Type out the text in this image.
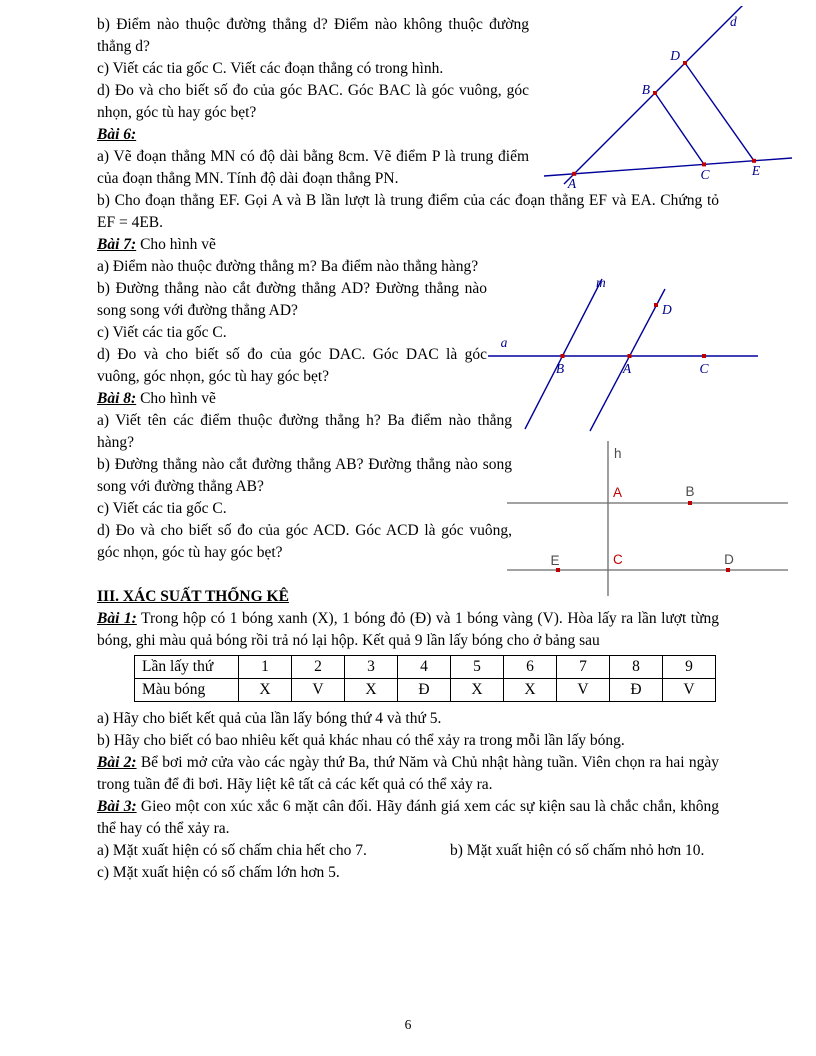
d
D
B
A
C	E
m
a
D
B	A	C
h
A	B
E	C	D

b) Điểm nào thuộc đường thẳng d? Điểm nào không thuộc đường thẳng d?

c) Viết các tia gốc C. Viết các đoạn thẳng có trong hình.

d) Đo và cho biết số đo của góc BAC. Góc BAC là góc vuông, góc nhọn, góc tù hay góc bẹt?

Bài 6:

a) Vẽ đoạn thẳng MN có độ dài bằng 8cm. Vẽ điểm P là trung điểm của đoạn thẳng MN. Tính độ dài đoạn thẳng PN.

b) Cho đoạn thẳng EF. Gọi A và B lần lượt là trung điểm của các đoạn thẳng EF và EA. Chứng tỏ EF = 4EB.

Bài 7: Cho hình vẽ

a) Điểm nào thuộc đường thẳng m? Ba điểm nào thẳng hàng?

b) Đường thẳng nào cắt đường thẳng AD? Đường thẳng nào song song với đường thẳng AD?

c) Viết các tia gốc C.

d) Đo và cho biết số đo của góc DAC. Góc DAC là góc vuông, góc nhọn, góc tù hay góc bẹt?

Bài 8: Cho hình vẽ

a) Viết tên các điểm thuộc đường thẳng h? Ba điểm nào thẳng hàng?

b) Đường thẳng nào cắt đường thẳng AB? Đường thẳng nào song song với đường thẳng AB?

c) Viết các tia gốc C.

d) Đo và cho biết số đo của góc ACD. Góc ACD là góc vuông, góc nhọn, góc tù hay góc bẹt?

III. XÁC SUẤT THỐNG KÊ

Bài 1: Trong hộp có 1 bóng xanh (X), 1 bóng đỏ (Đ) và 1 bóng vàng (V). Hòa lấy ra lần lượt từng bóng, ghi màu quả bóng rồi trả nó lại hộp. Kết quả 9 lần lấy bóng cho ở bảng sau

Lần lấy thứ	1	2	3	4	5	6	7	8	9
Màu bóng	X	V	X	Đ	X	X	V	Đ	V

a) Hãy cho biết kết quả của lần lấy bóng thứ 4 và thứ 5.

b) Hãy cho biết có bao nhiêu kết quả khác nhau có thể xảy ra trong mỗi lần lấy bóng.

Bài 2: Bể bơi mở cửa vào các ngày thứ Ba, thứ Năm và Chủ nhật hàng tuần. Viên chọn ra hai ngày trong tuần để đi bơi. Hãy liệt kê tất cả các kết quả có thể xảy ra.

Bài 3: Gieo một con xúc xắc 6 mặt cân đối. Hãy đánh giá xem các sự kiện sau là chắc chắn, không thể hay có thể xảy ra.

a) Mặt xuất hiện có số chấm chia hết cho 7.	b) Mặt xuất hiện có số chấm nhỏ hơn 10.

c) Mặt xuất hiện có số chấm lớn hơn 5.

6
